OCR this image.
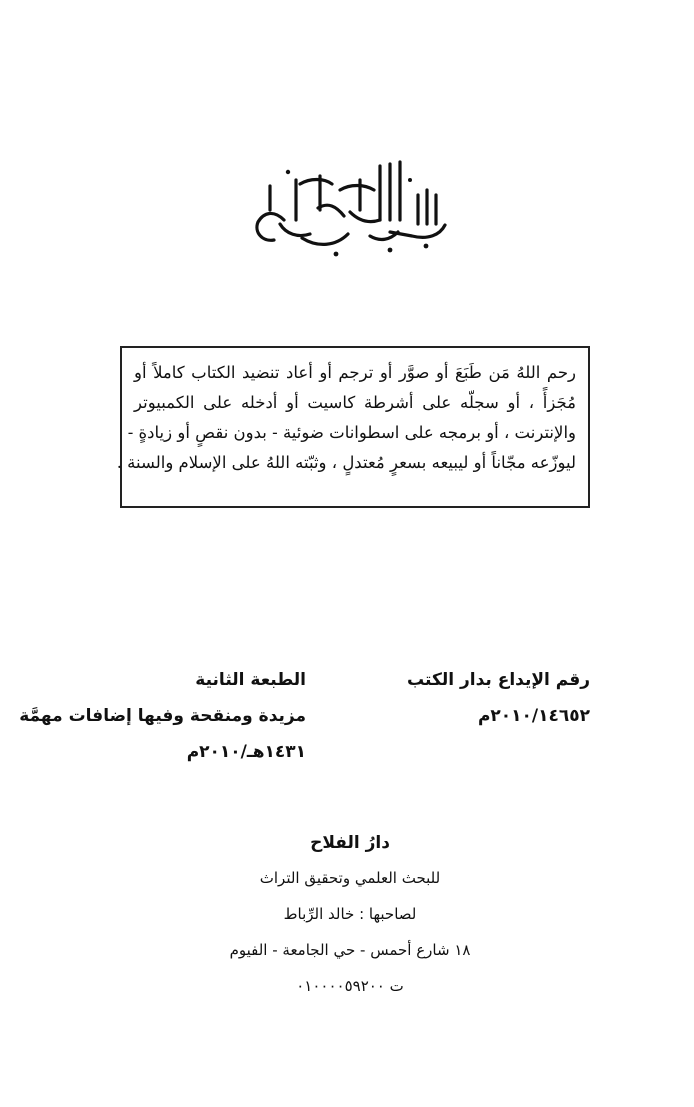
رحم اللهُ مَن طَبَعَ أو صوَّر أو ترجم أو أعاد تنضيد الكتاب كاملاً أو
مُجَزأً ، أو سجلّه على أشرطة كاسيت أو أدخله على الكمبيوتر
والإنترنت ، أو برمجه على اسطوانات ضوئية - بدون نقصٍ أو زيادةٍ -
ليوزّعه مجّاناً أو ليبيعه بسعرٍ مُعتدلٍ ، وثبّته اللهُ على الإسلام والسنة .
رقم الإيداع بدار الكتب
٢٠١٠/١٤٦٥٢م
الطبعة الثانية
مزيدة ومنقحة وفيها إضافات مهمَّة
١٤٣١هـ/٢٠١٠م
دارُ الفلاح
للبحث العلمي وتحقيق التراث
لصاحبها : خالد الرِّباط
١٨ شارع أحمس - حي الجامعة - الفيوم
ت ٠١٠٠٠٠٥٩٢٠٠
